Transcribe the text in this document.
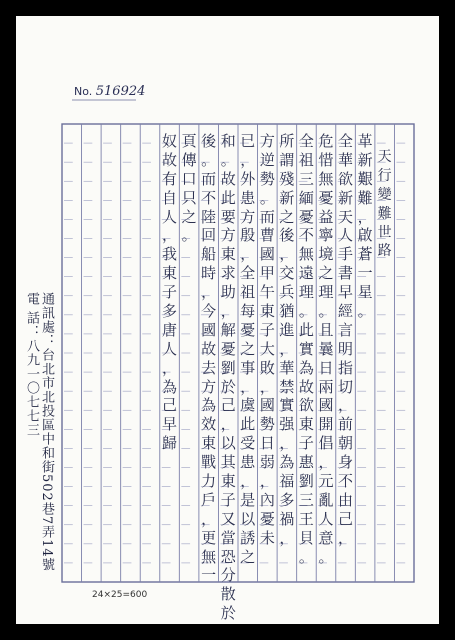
No. 516924
天
行
變
難
世
路
革
新
艱
難
，
啟
蒼
一
星
。
全
華
欲
新
天
人
手
書
早
經
言
明
指
切
，
前
朝
身
不
由
己
，
危
惜
無
憂
益
寧
境
之
理
。
且
曩
日
兩
國
開
倡
，
元
亂
人
意
。
全
祖
三
緬
憂
不
無
遠
理
。
此
實
為
故
欲
東
子
惠
劉
三
王
貝
。
所
謂
殘
新
之
後
，
交
兵
猶
進
，
華
禁
實
强
，
為
福
多
禍
，
方
逆
勢
。
而
曹
國
甲
午
東
子
大
敗
，
國
勢
日
弱
，
內
憂
未
已
，
外
患
方
殷
，
全
祖
每
憂
之
事
，
虞
此
受
患
，
是
以
誘
之
和
。
故
此
要
方
東
求
助
，
解
憂
劉
於
己
，
以
其
東
子
又
當
恐
分
散
於
後
。
而
不
陸
回
船
時
，
今
國
故
去
方
為
效
東
戰
力
戶
，
更
無
一
頁
傳
口
只
之
。
奴
故
有
自
人
，
我
東
子
多
唐
人
，
為
己
早
歸
通訊處：台北市北投區中和街502巷7弄14號
電 話：八九一〇七七三
24×25=600
